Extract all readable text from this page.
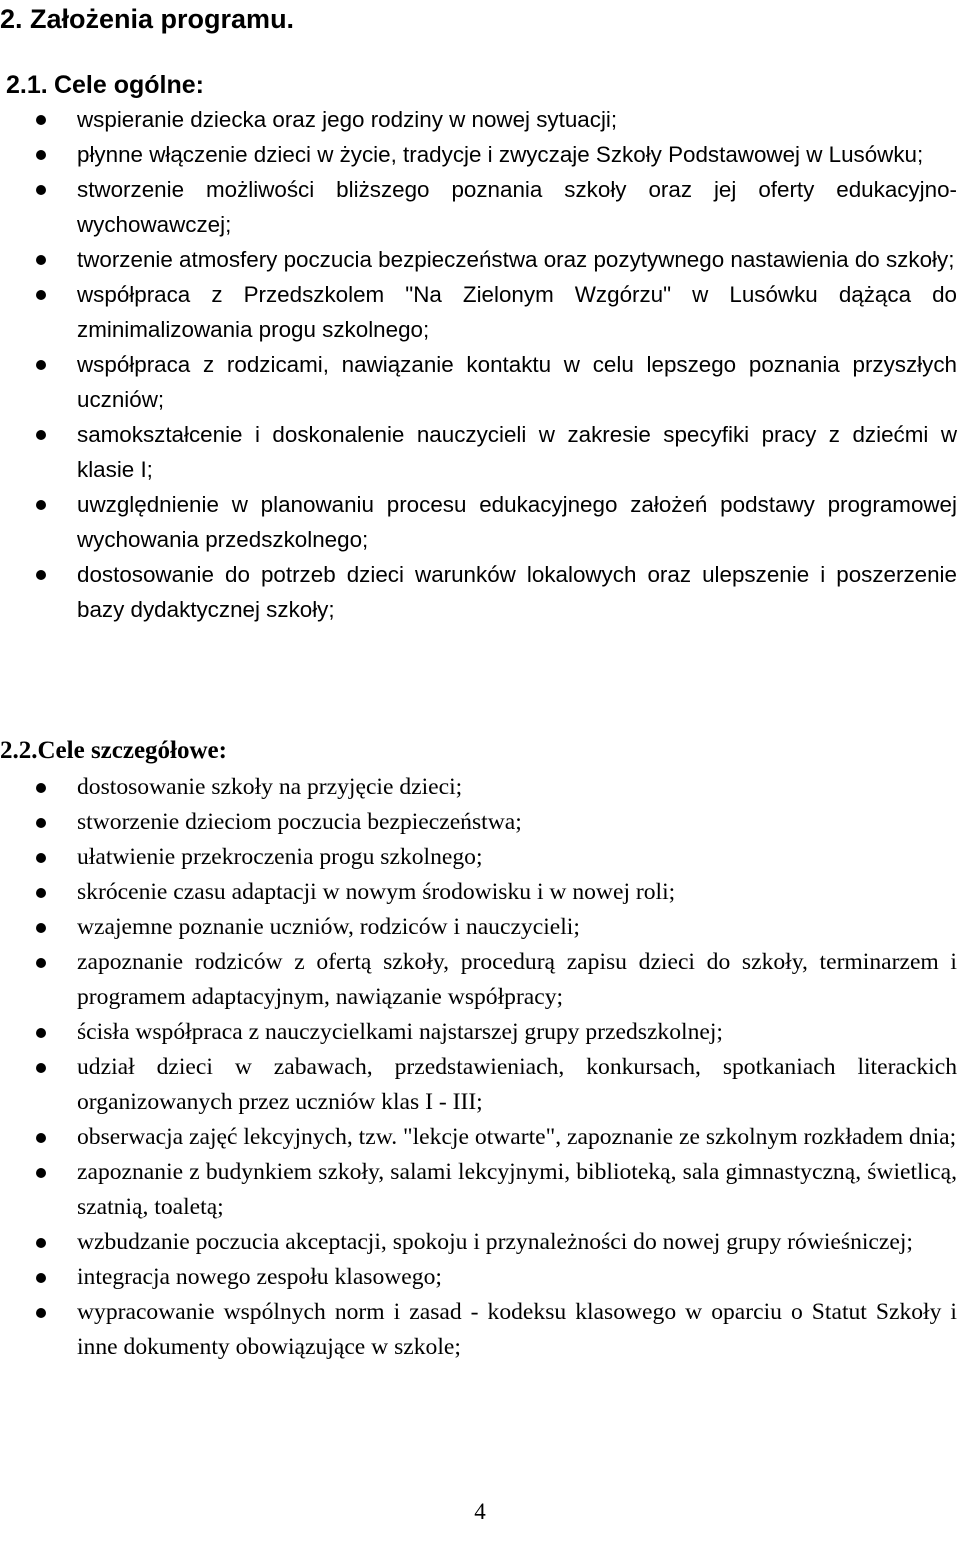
2. Założenia programu.
2.1. Cele ogólne:
wspieranie dziecka oraz jego rodziny w nowej sytuacji;
płynne włączenie dzieci w życie, tradycje i zwyczaje Szkoły Podstawowej w Lusówku;
stworzenie możliwości bliższego poznania szkoły oraz jej oferty edukacyjno- wychowawczej;
tworzenie atmosfery poczucia bezpieczeństwa oraz pozytywnego nastawienia do szkoły;
współpraca z Przedszkolem "Na Zielonym Wzgórzu" w Lusówku dążąca do zminimalizowania progu szkolnego;
współpraca z rodzicami, nawiązanie kontaktu w celu lepszego poznania przyszłych uczniów;
samokształcenie i doskonalenie nauczycieli w zakresie specyfiki pracy z dziećmi w klasie I;
uwzględnienie w planowaniu procesu edukacyjnego założeń podstawy programowej wychowania przedszkolnego;
dostosowanie do potrzeb dzieci warunków lokalowych oraz ulepszenie i poszerzenie bazy dydaktycznej szkoły;
2.2.Cele szczegółowe:
dostosowanie szkoły na przyjęcie dzieci;
stworzenie dzieciom poczucia bezpieczeństwa;
ułatwienie przekroczenia progu szkolnego;
skrócenie czasu adaptacji w nowym środowisku i w nowej roli;
wzajemne poznanie uczniów, rodziców i nauczycieli;
zapoznanie rodziców z ofertą szkoły, procedurą zapisu dzieci do szkoły, terminarzem i programem adaptacyjnym, nawiązanie współpracy;
ścisła współpraca z nauczycielkami najstarszej grupy przedszkolnej;
udział dzieci w zabawach, przedstawieniach, konkursach, spotkaniach literackich organizowanych przez uczniów klas I - III;
obserwacja zajęć lekcyjnych, tzw. "lekcje otwarte", zapoznanie ze szkolnym rozkładem dnia;
zapoznanie z budynkiem szkoły, salami lekcyjnymi, biblioteką, sala gimnastyczną, świetlicą, szatnią, toaletą;
wzbudzanie poczucia akceptacji, spokoju i przynależności do nowej grupy rówieśniczej;
integracja nowego zespołu klasowego;
wypracowanie wspólnych norm i zasad - kodeksu klasowego w oparciu o Statut Szkoły i inne dokumenty obowiązujące w szkole;
4
